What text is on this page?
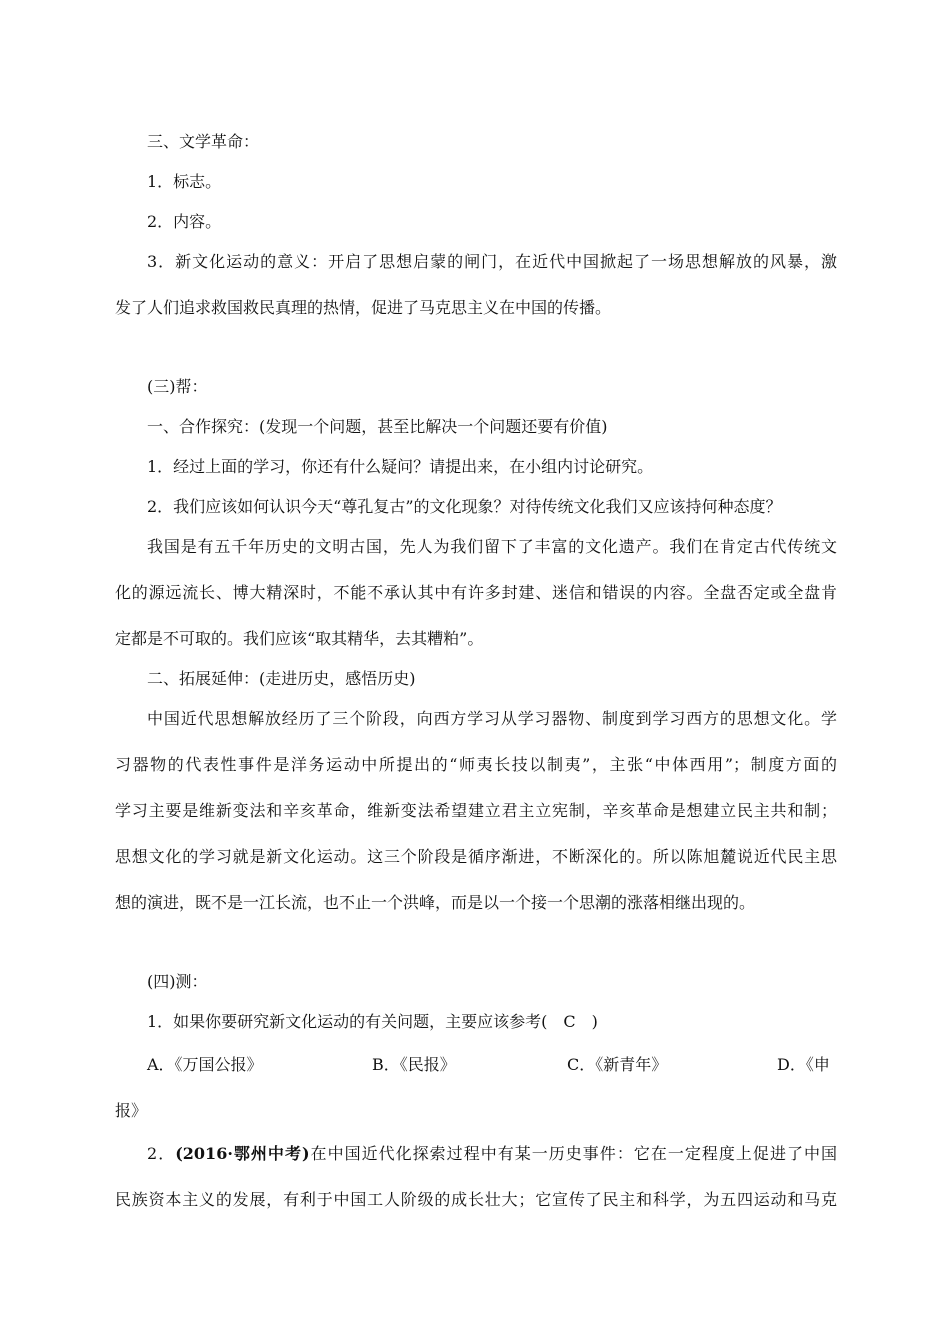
三、文学革命：
1．标志。
2．内容。
3．新文化运动的意义：开启了思想启蒙的闸门，在近代中国掀起了一场思想解放的风暴，激
发了人们追求救国救民真理的热情，促进了马克思主义在中国的传播。
(三)帮：
一、合作探究：(发现一个问题，甚至比解决一个问题还要有价值)
1．经过上面的学习，你还有什么疑问？请提出来，在小组内讨论研究。
2．我们应该如何认识今天“尊孔复古”的文化现象？对待传统文化我们又应该持何种态度？
我国是有五千年历史的文明古国，先人为我们留下了丰富的文化遗产。我们在肯定古代传统文
化的源远流长、博大精深时，不能不承认其中有许多封建、迷信和错误的内容。全盘否定或全盘肯
定都是不可取的。我们应该“取其精华，去其糟粕”。
二、拓展延伸：(走进历史，感悟历史)
中国近代思想解放经历了三个阶段，向西方学习从学习器物、制度到学习西方的思想文化。学
习器物的代表性事件是洋务运动中所提出的“师夷长技以制夷”，主张“中体西用”；制度方面的
学习主要是维新变法和辛亥革命，维新变法希望建立君主立宪制，辛亥革命是想建立民主共和制；
思想文化的学习就是新文化运动。这三个阶段是循序渐进，不断深化的。所以陈旭麓说近代民主思
想的演进，既不是一江长流，也不止一个洪峰，而是以一个接一个思潮的涨落相继出现的。
(四)测：
1．如果你要研究新文化运动的有关问题，主要应该参考(　C　)
A．《万国公报》	B．《民报》	C．《新青年》	D．《申
报》
2．(2016·鄂州中考)在中国近代化探索过程中有某一历史事件：它在一定程度上促进了中国
民族资本主义的发展，有利于中国工人阶级的成长壮大；它宣传了民主和科学，为五四运动和马克
